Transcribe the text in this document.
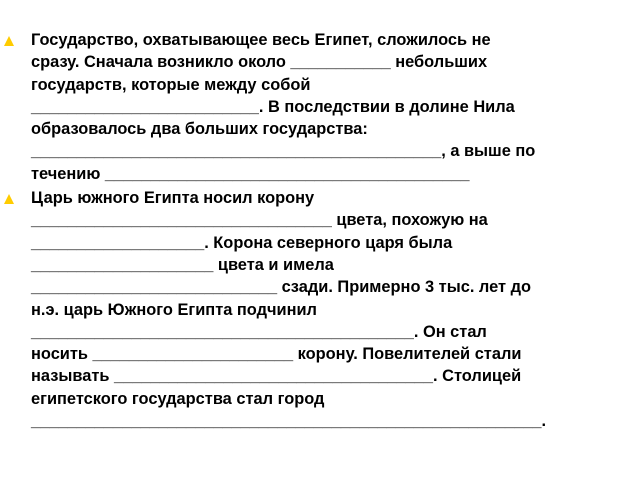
Государство, охватывающее весь Египет, сложилось не
сразу. Сначала возникло около ___________ небольших
государств, которые между собой
_________________________. В последствии в долине Нила
образовалось два больших государства:
_____________________________________________, а выше по
течению ________________________________________
Царь южного Египта носил корону
_________________________________ цвета, похожую на
___________________. Корона северного царя была
____________________ цвета и имела
___________________________ сзади. Примерно 3 тыс. лет до
н.э. царь Южного Египта подчинил
__________________________________________. Он стал
носить ______________________ корону. Повелителей стали
называть ___________________________________. Столицей
египетского государства стал город
________________________________________________________.
